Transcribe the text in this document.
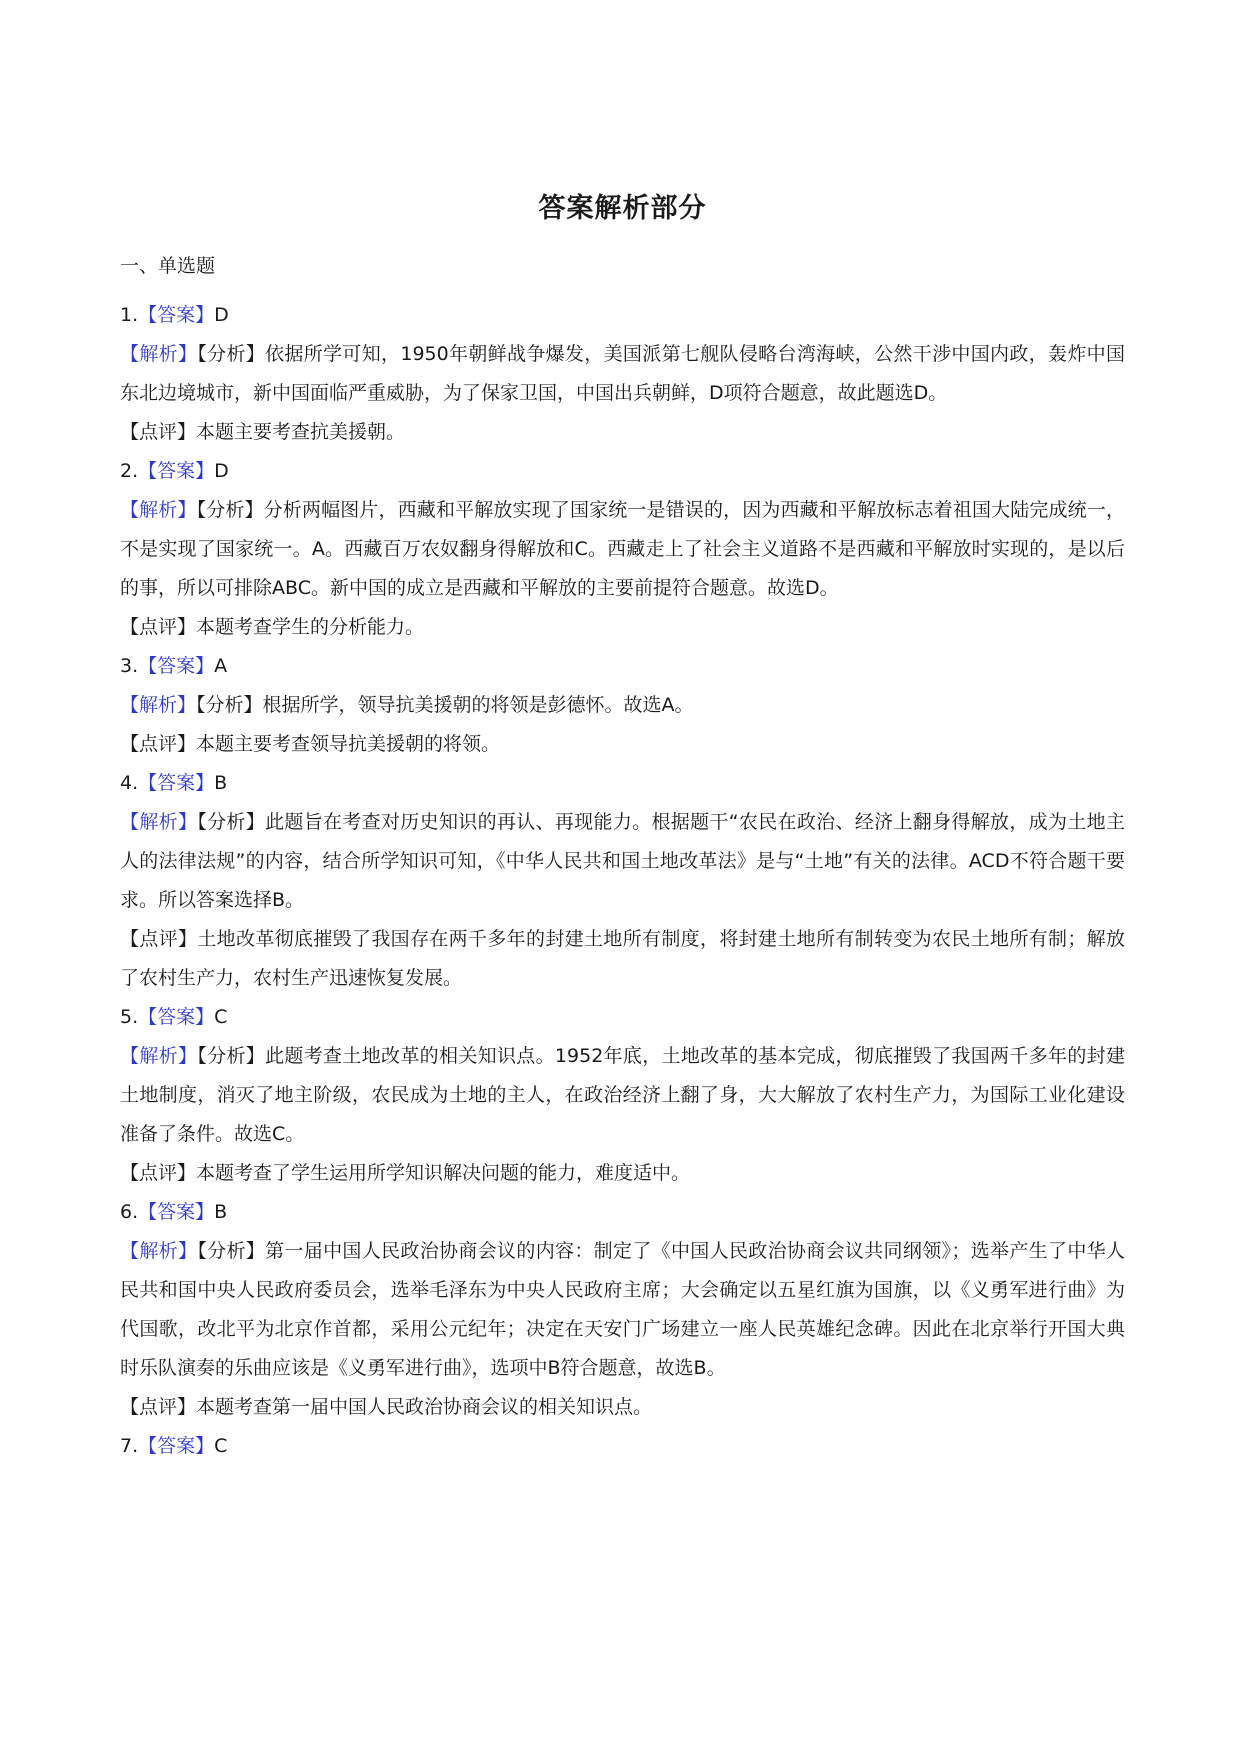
答案解析部分

一、单选题

1.【答案】D

【解析】【分析】依据所学可知，1950年朝鲜战争爆发，美国派第七舰队侵略台湾海峡，公然干涉中国内政，轰炸中国东北边境城市，新中国面临严重威胁，为了保家卫国，中国出兵朝鲜，D项符合题意，故此题选D。

【点评】本题主要考查抗美援朝。

2.【答案】D

【解析】【分析】分析两幅图片，西藏和平解放实现了国家统一是错误的，因为西藏和平解放标志着祖国大陆完成统一，不是实现了国家统一。A。西藏百万农奴翻身得解放和C。西藏走上了社会主义道路不是西藏和平解放时实现的，是以后的事，所以可排除ABC。新中国的成立是西藏和平解放的主要前提符合题意。故选D。

【点评】本题考查学生的分析能力。

3.【答案】A

【解析】【分析】根据所学，领导抗美援朝的将领是彭德怀。故选A。

【点评】本题主要考查领导抗美援朝的将领。

4.【答案】B

【解析】【分析】此题旨在考查对历史知识的再认、再现能力。根据题干“农民在政治、经济上翻身得解放，成为土地主人的法律法规”的内容，结合所学知识可知，《中华人民共和国土地改革法》是与“土地”有关的法律。ACD不符合题干要求。所以答案选择B。

【点评】土地改革彻底摧毁了我国存在两千多年的封建土地所有制度，将封建土地所有制转变为农民土地所有制；解放了农村生产力，农村生产迅速恢复发展。

5.【答案】C

【解析】【分析】此题考查土地改革的相关知识点。1952年底，土地改革的基本完成，彻底摧毁了我国两千多年的封建土地制度，消灭了地主阶级，农民成为土地的主人，在政治经济上翻了身，大大解放了农村生产力，为国际工业化建设准备了条件。故选C。

【点评】本题考查了学生运用所学知识解决问题的能力，难度适中。

6.【答案】B

【解析】【分析】第一届中国人民政治协商会议的内容：制定了《中国人民政治协商会议共同纲领》；选举产生了中华人民共和国中央人民政府委员会，选举毛泽东为中央人民政府主席；大会确定以五星红旗为国旗，以《义勇军进行曲》为代国歌，改北平为北京作首都，采用公元纪年；决定在天安门广场建立一座人民英雄纪念碑。因此在北京举行开国大典时乐队演奏的乐曲应该是《义勇军进行曲》，选项中B符合题意，故选B。

【点评】本题考查第一届中国人民政治协商会议的相关知识点。

7.【答案】C
